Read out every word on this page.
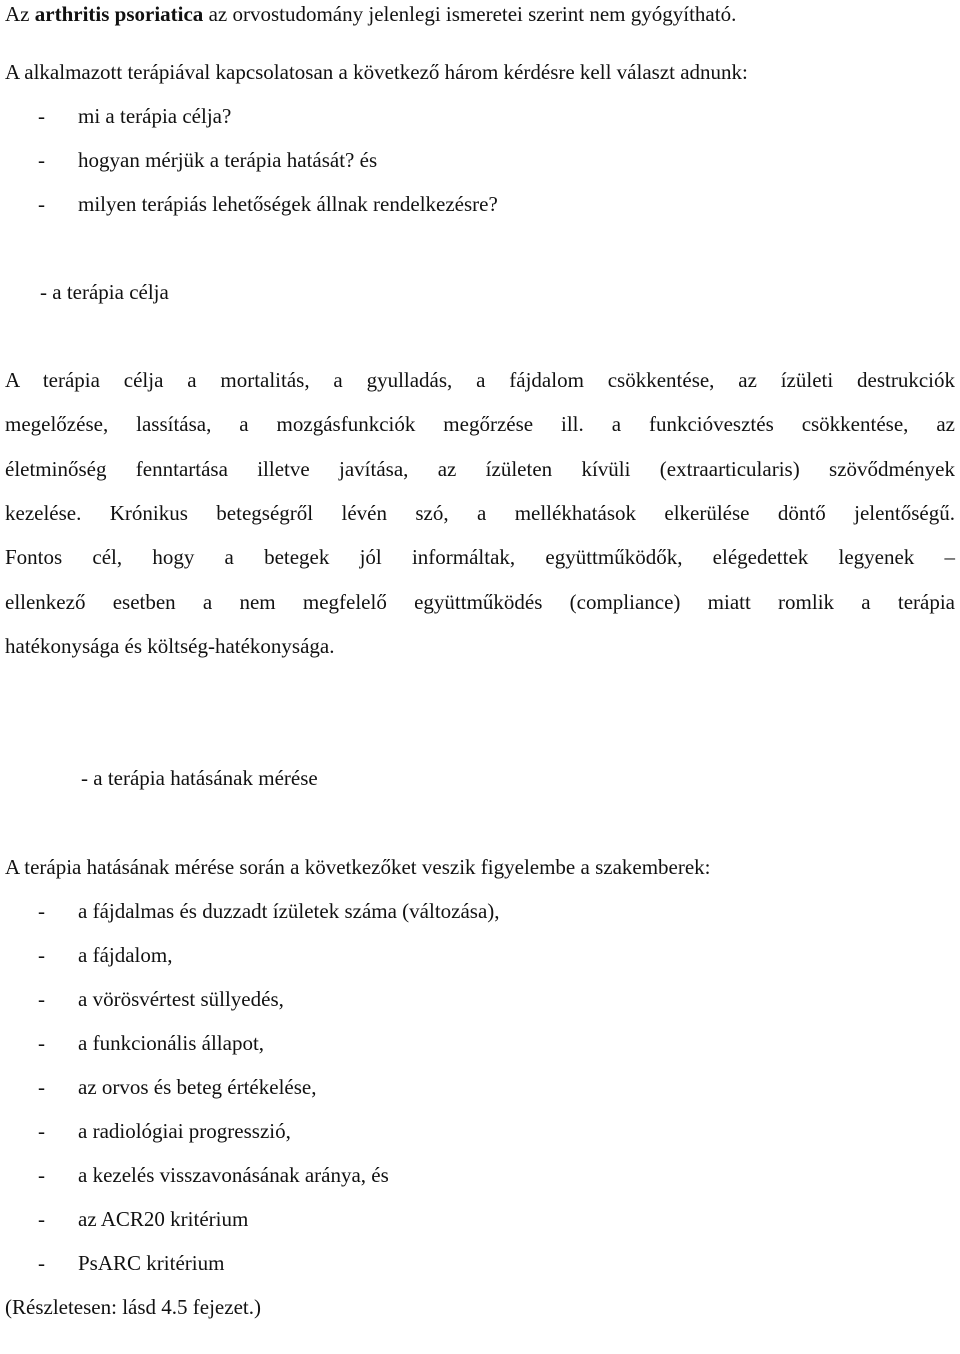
Az arthritis psoriatica az orvostudomány jelenlegi ismeretei szerint nem gyógyítható.
A alkalmazott terápiával kapcsolatosan a következő három kérdésre kell választ adnunk:
- mi a terápia célja?
- hogyan mérjük a terápia hatását? és
- milyen terápiás lehetőségek állnak rendelkezésre?
- a terápia célja
A terápia célja a mortalitás, a gyulladás, a fájdalom csökkentése, az ízületi destrukciók
megelőzése, lassítása, a mozgásfunkciók megőrzése ill. a funkcióvesztés csökkentése, az
életminőség fenntartása illetve javítása, az ízületen kívüli (extraarticularis) szövődmények
kezelése. Krónikus betegségről lévén szó, a mellékhatások elkerülése döntő jelentőségű.
Fontos cél, hogy a betegek jól informáltak, együttműködők, elégedettek legyenek –
ellenkező esetben a nem megfelelő együttműködés (compliance) miatt romlik a terápia
hatékonysága és költség-hatékonysága.
- a terápia hatásának mérése
A terápia hatásának mérése során a következőket veszik figyelembe a szakemberek:
- a fájdalmas és duzzadt ízületek száma (változása),
- a fájdalom,
- a vörösvértest süllyedés,
- a funkcionális állapot,
- az orvos és beteg értékelése,
- a radiológiai progresszió,
- a kezelés visszavonásának aránya, és
- az ACR20 kritérium
- PsARC kritérium
(Részletesen: lásd 4.5 fejezet.)
